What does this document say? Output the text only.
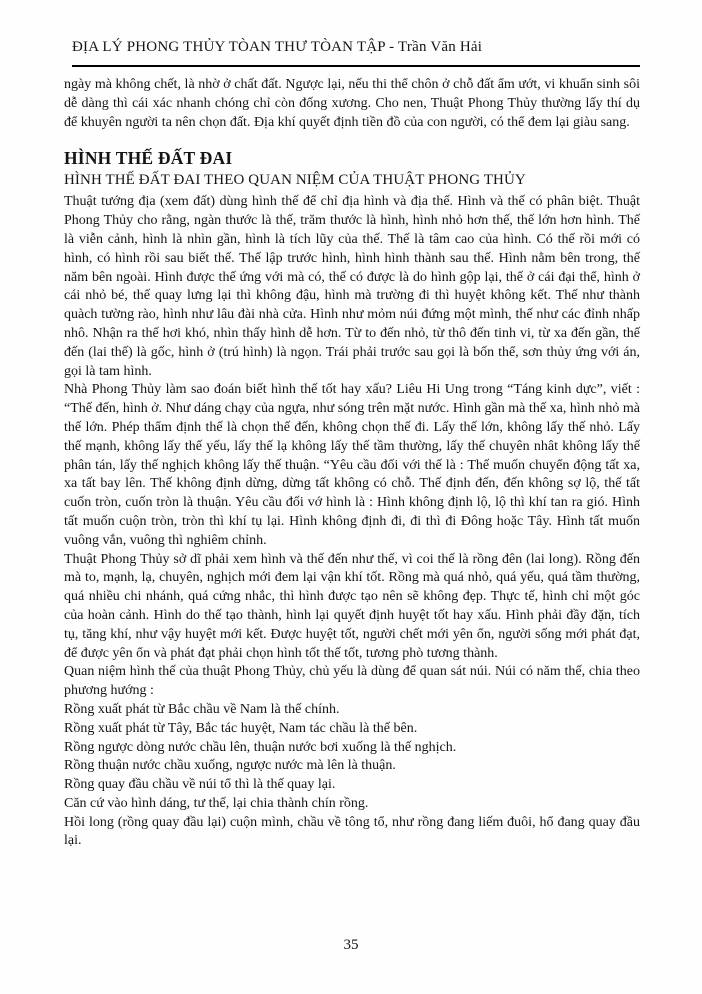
ĐỊA LÝ PHONG THỦY TÒAN THƯ TÒAN TẬP - Trần Văn Hải

ngày mà không chết, là nhờ ở chất đất. Ngược lại, nếu thi thể chôn ở chỗ đất ẩm ướt, vi khuẩn sinh sôi dễ dàng thì cái xác nhanh chóng chỉ còn đống xương. Cho nen, Thuật Phong Thủy thường lấy thí dụ để khuyên người ta nên chọn đất. Địa khí quyết định tiền đồ của con người, có thể đem lại giàu sang.

HÌNH THẾ ĐẤT ĐAI
HÌNH THẾ ĐẤT ĐAI THEO QUAN NIỆM CỦA THUẬT PHONG THỦY

Thuật tướng địa (xem đất) dùng hình thế để chỉ địa hình và địa thế. Hình và thế có phân biệt. Thuật Phong Thủy cho rằng, ngàn thước là thế, trăm thước là hình, hình nhỏ hơn thế, thế lớn hơn hình. Thế là viễn cảnh, hình là nhìn gần, hình là tích lũy của thế. Thế là tâm cao của hình. Có thế rồi mới có hình, có hình rồi sau biết thế. Thế lập trước hình, hình hình thành sau thế. Hình nằm bên trong, thế năm bên ngoài. Hình được thế ứng với mà có, thế có được là do hình gộp lại, thế ở cái đại thể, hình ở cái nhỏ bé, thế quay lưng lại thì không đậu, hình mà trường đi thì huyệt không kết. Thế như thành quàch tường rào, hình như lâu đài nhà cửa. Hình như mỏm núi đứng một mình, thế như các đỉnh nhấp nhô. Nhận ra thế hơi khó, nhìn thấy hình dễ hơn. Từ to đến nhỏ, từ thô đến tinh vi, từ xa đến gần, thế đến (lai thế) là gốc, hình ở (trú hình) là ngọn. Trái phải trước sau gọi là bốn thể, sơn thủy ứng với án, gọi là tam hình.

Nhà Phong Thủy làm sao đoán biết hình thế tốt hay xấu? Liêu Hi Ung trong “Táng kinh dực”, viết : “Thế đến, hình ở. Như dáng chạy của ngựa, như sóng trên mặt nước. Hình gần mà thế xa, hình nhỏ mà thế lớn. Phép thẩm định thế là chọn thế đến, không chọn thế đi. Lấy thế lớn, không lấy thế nhỏ. Lấy thế mạnh, không lấy thế yếu, lấy thế lạ không lấy thế tầm thường, lấy thế chuyên nhât không lấy thế phân tán, lấy thế nghịch không lấy thế thuận. “Yêu cầu đối với thế là : Thế muốn chuyển động tất xa, xa tất bay lên. Thế không định dừng, dừng tất không có chỗ. Thế định đến, đến không sợ lộ, thế tất cuốn tròn, cuốn tròn là thuận. Yêu cầu đối vớ hình là : Hình không định lộ, lộ thì khí tan ra gió. Hình tất muốn cuộn tròn, tròn thì khí tụ lại. Hình không định đi, đi thì đi Đông hoặc Tây. Hình tất muốn vuông vắn, vuông thì nghiêm chỉnh.

Thuật Phong Thủy sở dĩ phải xem hình và thế đến như thế, vì coi thế là rồng đên (lai long). Rồng đến mà to, mạnh, lạ, chuyên, nghịch mới đem lại vận khí tốt. Rồng mà quá nhỏ, quá yếu, quá tầm thường, quá nhiều chi nhánh, quá cứng nhắc, thì hình được tạo nên sẽ không đẹp. Thực tế, hình chỉ một góc của hoàn cảnh. Hình do thế tạo thành, hình lại quyết định huyệt tốt hay xấu. Hình phải đầy đặn, tích tụ, tăng khí, như vậy huyệt mới kết. Được huyệt tốt, người chết mới yên ổn, người sống mới phát đạt, để được yên ổn và phát đạt phải chọn hình tốt thế tốt, tương phò tương thành.

Quan niệm hình thế của thuật Phong Thủy, chủ yếu là dùng để quan sát núi. Núi có năm thế, chia theo phương hướng :

Rồng xuất phát từ Bắc chầu về Nam là thế chính.

Rồng xuất phát từ Tây, Bắc tác huyệt, Nam tác chầu là thế bên.

Rồng ngược dòng nước chầu lên, thuận nước bơi xuống là thế nghịch.

Rồng thuận nước chầu xuống, ngược nước mà lên là thuận.

Rồng quay đầu chầu về núi tổ thì là thế quay lại.

Căn cứ vào hình dáng, tư thế, lại chia thành chín rồng.

Hồi long (rồng quay đầu lại) cuộn mình, chầu về tông tổ, như rồng đang liếm đuôi, hổ đang quay đầu lại.

35
